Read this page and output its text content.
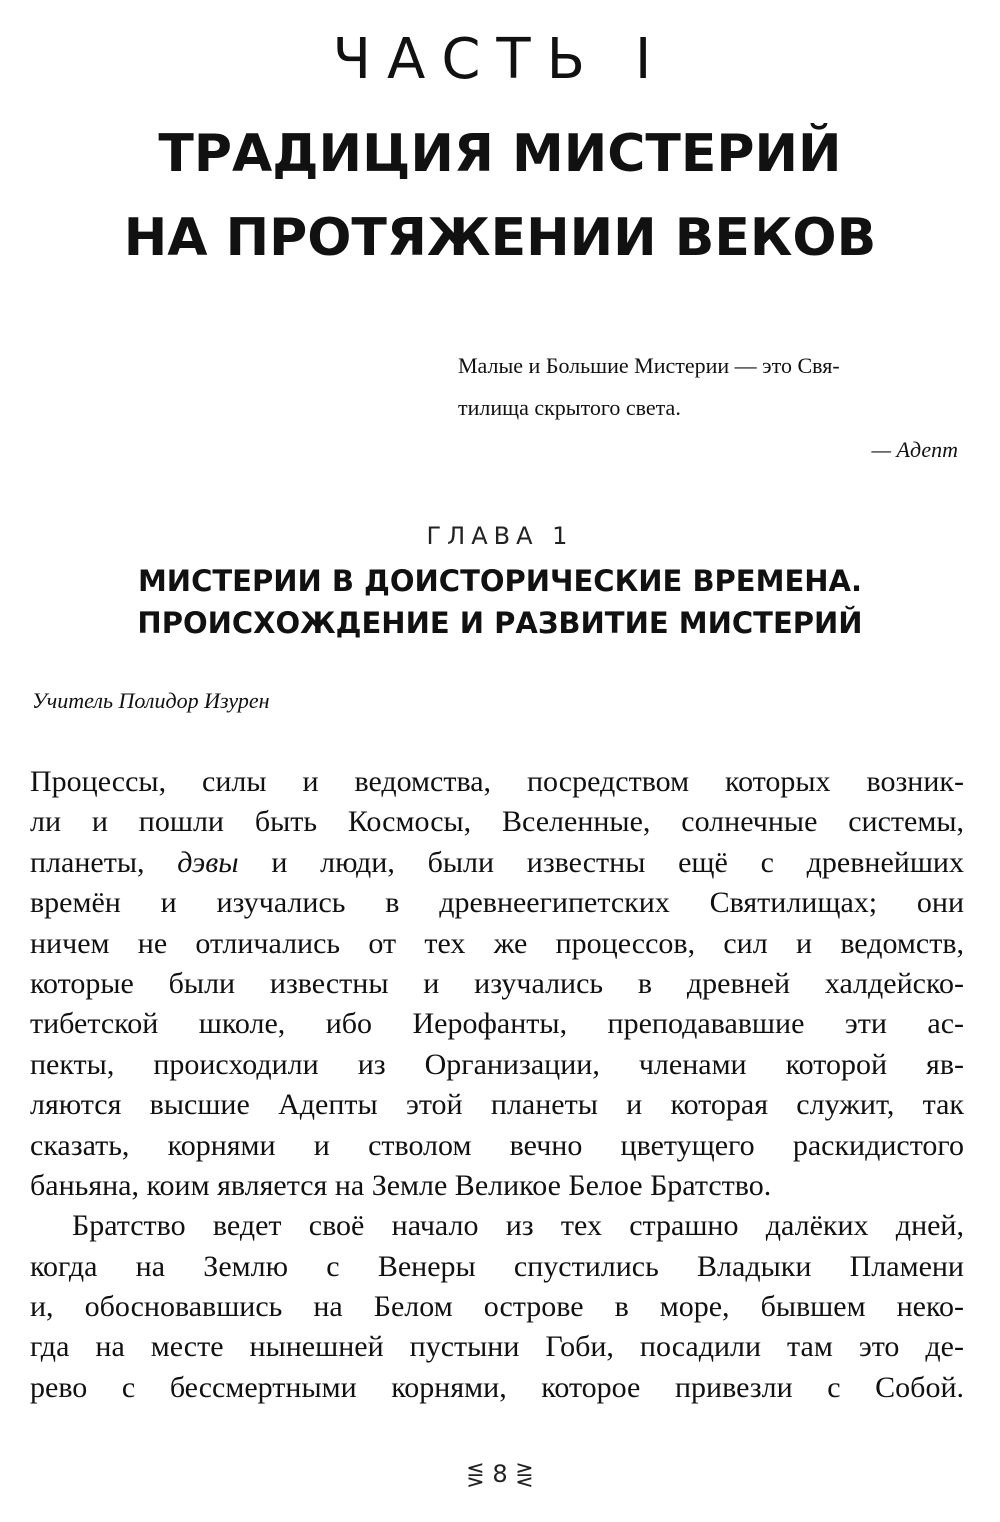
ЧАСТЬ I
ТРАДИЦИЯ МИСТЕРИЙ
НА ПРОТЯЖЕНИИ ВЕКОВ
Малые и Большие Мистерии — это Свя-
тилища скрытого света.
— Адепт
ГЛАВА 1
МИСТЕРИИ В ДОИСТОРИЧЕСКИЕ ВРЕМЕНА.
ПРОИСХОЖДЕНИЕ И РАЗВИТИЕ МИСТЕРИЙ
Учитель Полидор Изурен
Процессы, силы и ведомства, посредством которых возник-
ли и пошли быть Космосы, Вселенные, солнечные системы,
планеты, дэвы и люди, были известны ещё с древнейших
времён и изучались в древнеегипетских Святилищах; они
ничем не отличались от тех же процессов, сил и ведомств,
которые были известны и изучались в древней халдейско-
тибетской школе, ибо Иерофанты, преподававшие эти ас-
пекты, происходили из Организации, членами которой яв-
ляются высшие Адепты этой планеты и которая служит, так
сказать, корнями и стволом вечно цветущего раскидистого
баньяна, коим является на Земле Великое Белое Братство.
Братство ведет своё начало из тех страшно далёких дней,
когда на Землю с Венеры спустились Владыки Пламени
и, обосновавшись на Белом острове в море, бывшем неко-
гда на месте нынешней пустыни Гоби, посадили там это де-
рево с бессмертными корнями, которое привезли с Собой.
⋚ 8 ⋛
